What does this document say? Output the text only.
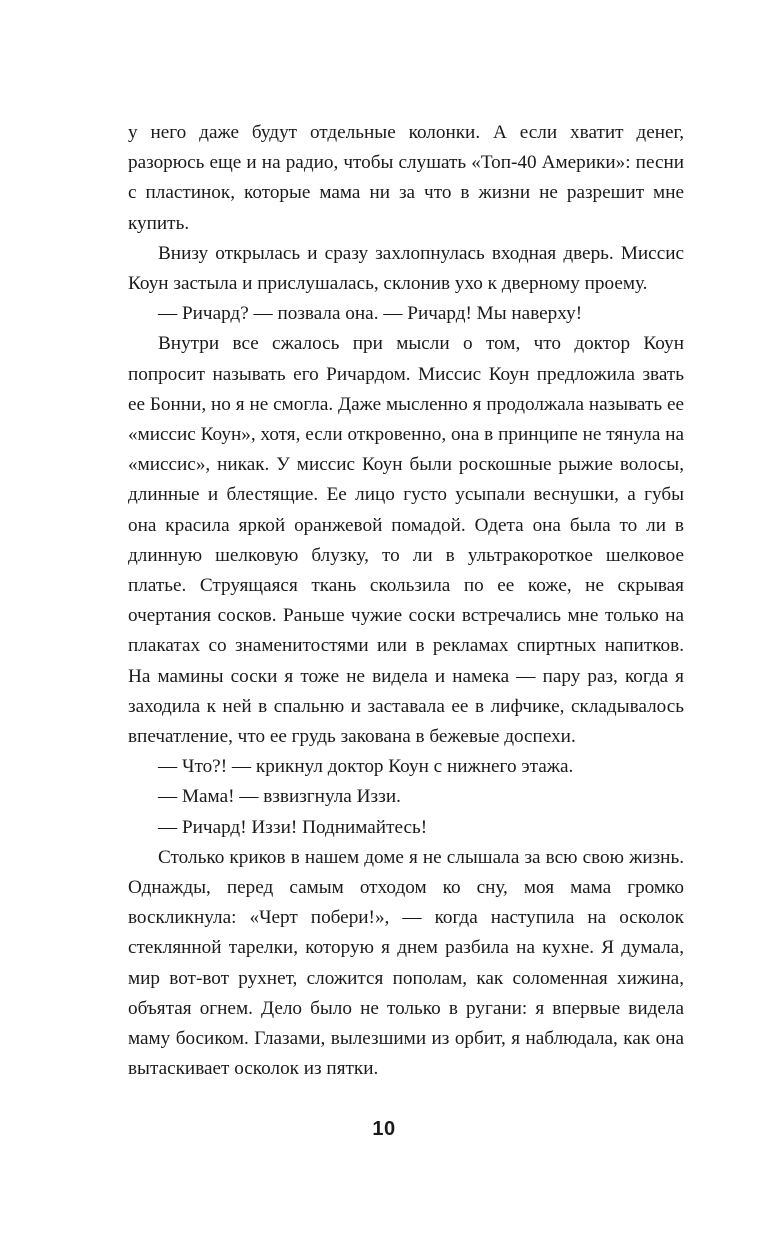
у него даже будут отдельные колонки. А если хватит денег, разорюсь еще и на радио, чтобы слушать «Топ-40 Америки»: песни с пластинок, которые мама ни за что в жизни не разрешит мне купить.

Внизу открылась и сразу захлопнулась входная дверь. Миссис Коун застыла и прислушалась, склонив ухо к дверному проему.

— Ричард? — позвала она. — Ричард! Мы наверху!

Внутри все сжалось при мысли о том, что доктор Коун попросит называть его Ричардом. Миссис Коун предложила звать ее Бонни, но я не смогла. Даже мысленно я продолжала называть ее «миссис Коун», хотя, если откровенно, она в принципе не тянула на «миссис», никак. У миссис Коун были роскошные рыжие волосы, длинные и блестящие. Ее лицо густо усыпали веснушки, а губы она красила яркой оранжевой помадой. Одета она была то ли в длинную шелковую блузку, то ли в ультракороткое шелковое платье. Струящаяся ткань скользила по ее коже, не скрывая очертания сосков. Раньше чужие соски встречались мне только на плакатах со знаменитостями или в рекламах спиртных напитков. На мамины соски я тоже не видела и намека — пару раз, когда я заходила к ней в спальню и заставала ее в лифчике, складывалось впечатление, что ее грудь закована в бежевые доспехи.

— Что?! — крикнул доктор Коун с нижнего этажа.

— Мама! — взвизгнула Иззи.

— Ричард! Иззи! Поднимайтесь!

Столько криков в нашем доме я не слышала за всю свою жизнь. Однажды, перед самым отходом ко сну, моя мама громко воскликнула: «Черт побери!», — когда наступила на осколок стеклянной тарелки, которую я днем разбила на кухне. Я думала, мир вот-вот рухнет, сложится пополам, как соломенная хижина, объятая огнем. Дело было не только в ругани: я впервые видела маму босиком. Глазами, вылезшими из орбит, я наблюдала, как она вытаскивает осколок из пятки.

10
